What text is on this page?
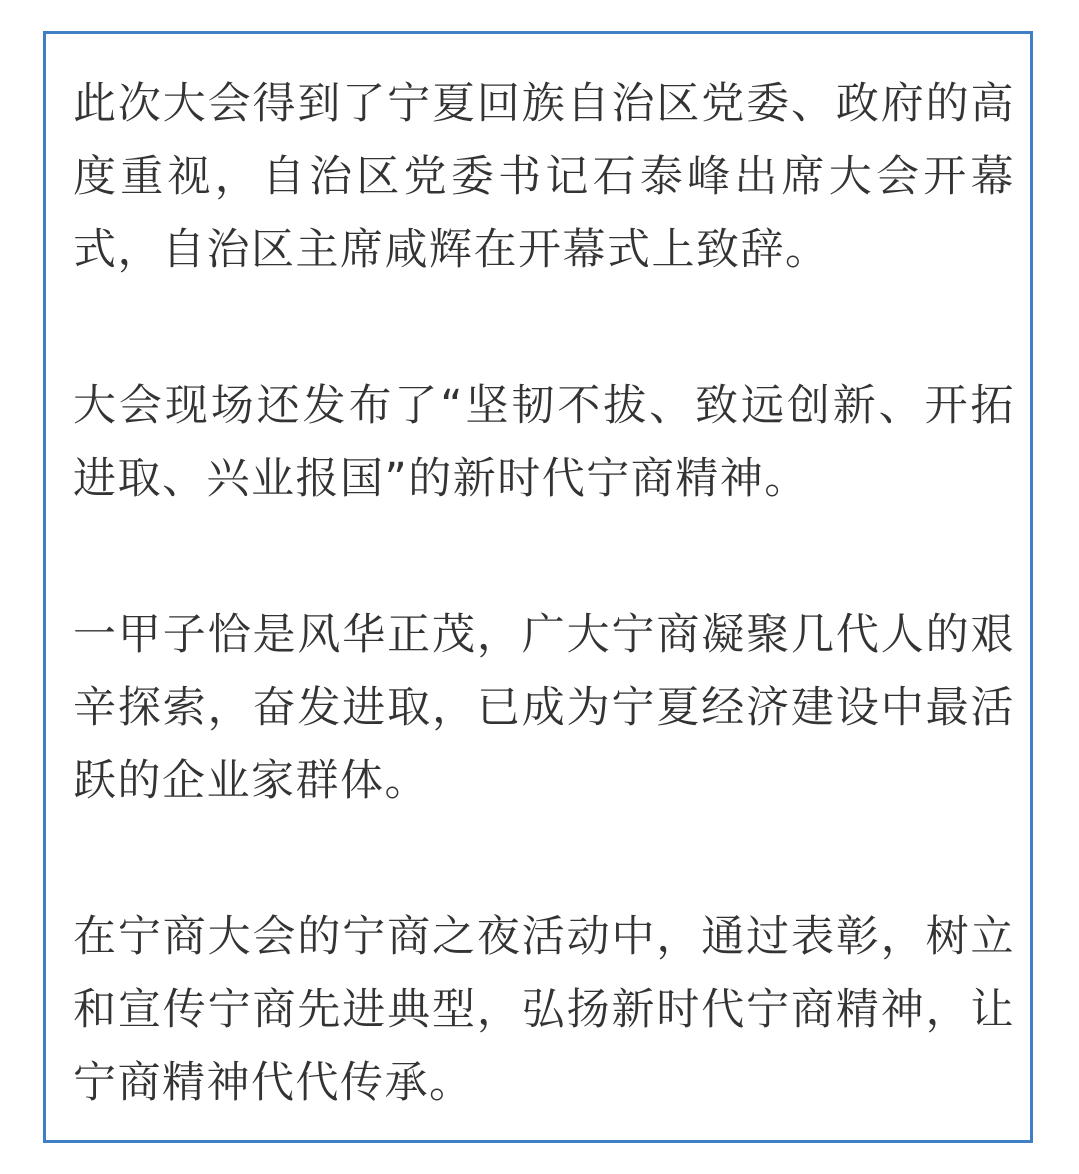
此次大会得到了宁夏回族自治区党委、政府的高度重视，自治区党委书记石泰峰出席大会开幕式，自治区主席咸辉在开幕式上致辞。

大会现场还发布了“坚韧不拔、致远创新、开拓进取、兴业报国”的新时代宁商精神。

一甲子恰是风华正茂，广大宁商凝聚几代人的艰辛探索，奋发进取，已成为宁夏经济建设中最活跃的企业家群体。

在宁商大会的宁商之夜活动中，通过表彰，树立和宣传宁商先进典型，弘扬新时代宁商精神，让宁商精神代代传承。
